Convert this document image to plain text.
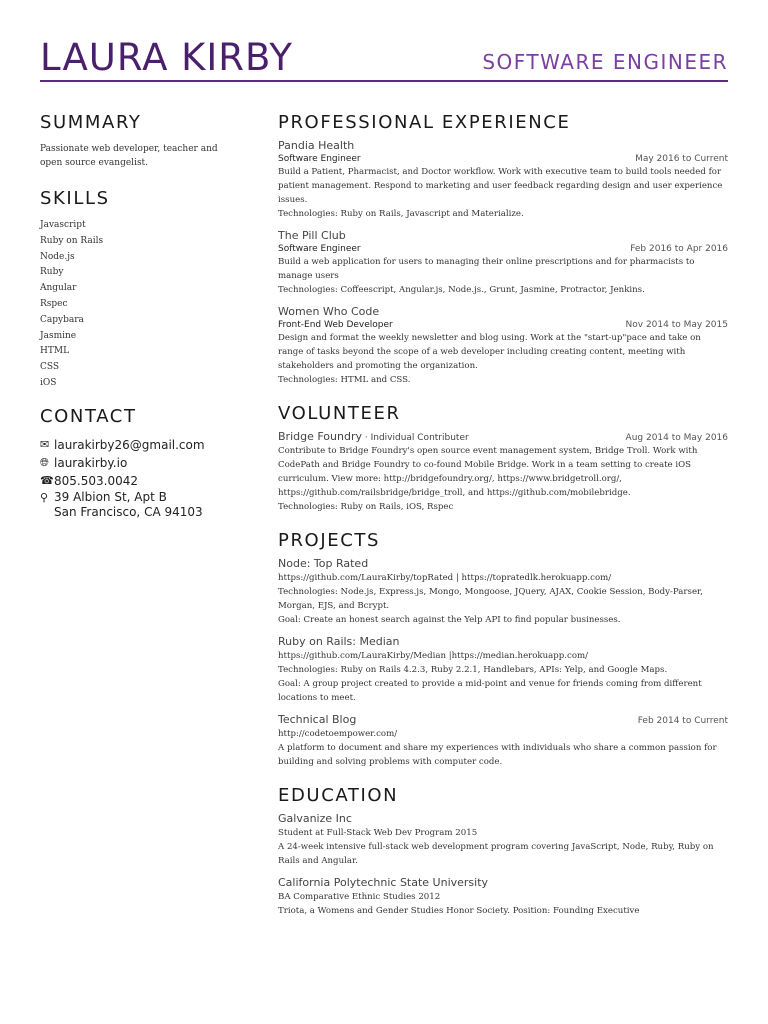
LAURA KIRBY	SOFTWARE ENGINEER
SUMMARY
Passionate web developer, teacher and open source evangelist.
SKILLS
Javascript
Ruby on Rails
Node.js
Ruby
Angular
Rspec
Capybara
Jasmine
HTML
CSS
iOS
CONTACT
✉ laurakirby26@gmail.com
🌐︎ laurakirby.io
☎ 805.503.0042
⚲ 39 Albion St, Apt B
San Francisco, CA 94103
PROFESSIONAL EXPERIENCE
Pandia Health
Software Engineer	May 2016 to Current
Build a Patient, Pharmacist, and Doctor workflow. Work with executive team to build tools needed for patient management. Respond to marketing and user feedback regarding design and user experience issues.
Technologies: Ruby on Rails, Javascript and Materialize.
The Pill Club
Software Engineer	Feb 2016 to Apr 2016
Build a web application for users to managing their online prescriptions and for pharmacists to manage users
Technologies: Coffeescript, Angular.js, Node.js., Grunt, Jasmine, Protractor, Jenkins.
Women Who Code
Front-End Web Developer	Nov 2014 to May 2015
Design and format the weekly newsletter and blog using. Work at the "start-up"pace and take on range of tasks beyond the scope of a web developer including creating content, meeting with stakeholders and promoting the organization.
Technologies: HTML and CSS.
VOLUNTEER
Bridge Foundry · Individual Contributer	Aug 2014 to May 2016
Contribute to Bridge Foundry's open source event management system, Bridge Troll. Work with CodePath and Bridge Foundry to co-found Mobile Bridge. Work in a team setting to create iOS curriculum. View more: http://bridgefoundry.org/, https://www.bridgetroll.org/, https://github.com/railsbridge/bridge_troll, and https://github.com/mobilebridge.
Technologies: Ruby on Rails, iOS, Rspec
PROJECTS
Node: Top Rated
https://github.com/LauraKirby/topRated | https://topratedlk.herokuapp.com/
Technologies: Node.js, Express.js, Mongo, Mongoose, JQuery, AJAX, Cookie Session, Body-Parser, Morgan, EJS, and Bcrypt.
Goal: Create an honest search against the Yelp API to find popular businesses.
Ruby on Rails: Median
https://github.com/LauraKirby/Median |https://median.herokuapp.com/
Technologies: Ruby on Rails 4.2.3, Ruby 2.2.1, Handlebars, APIs: Yelp, and Google Maps.
Goal: A group project created to provide a mid-point and venue for friends coming from different locations to meet.
Technical Blog	Feb 2014 to Current
http://codetoempower.com/
A platform to document and share my experiences with individuals who share a common passion for building and solving problems with computer code.
EDUCATION
Galvanize Inc
Student at Full-Stack Web Dev Program 2015
A 24-week intensive full-stack web development program covering JavaScript, Node, Ruby, Ruby on Rails and Angular.
California Polytechnic State University
BA Comparative Ethnic Studies 2012
Triota, a Womens and Gender Studies Honor Society. Position: Founding Executive
